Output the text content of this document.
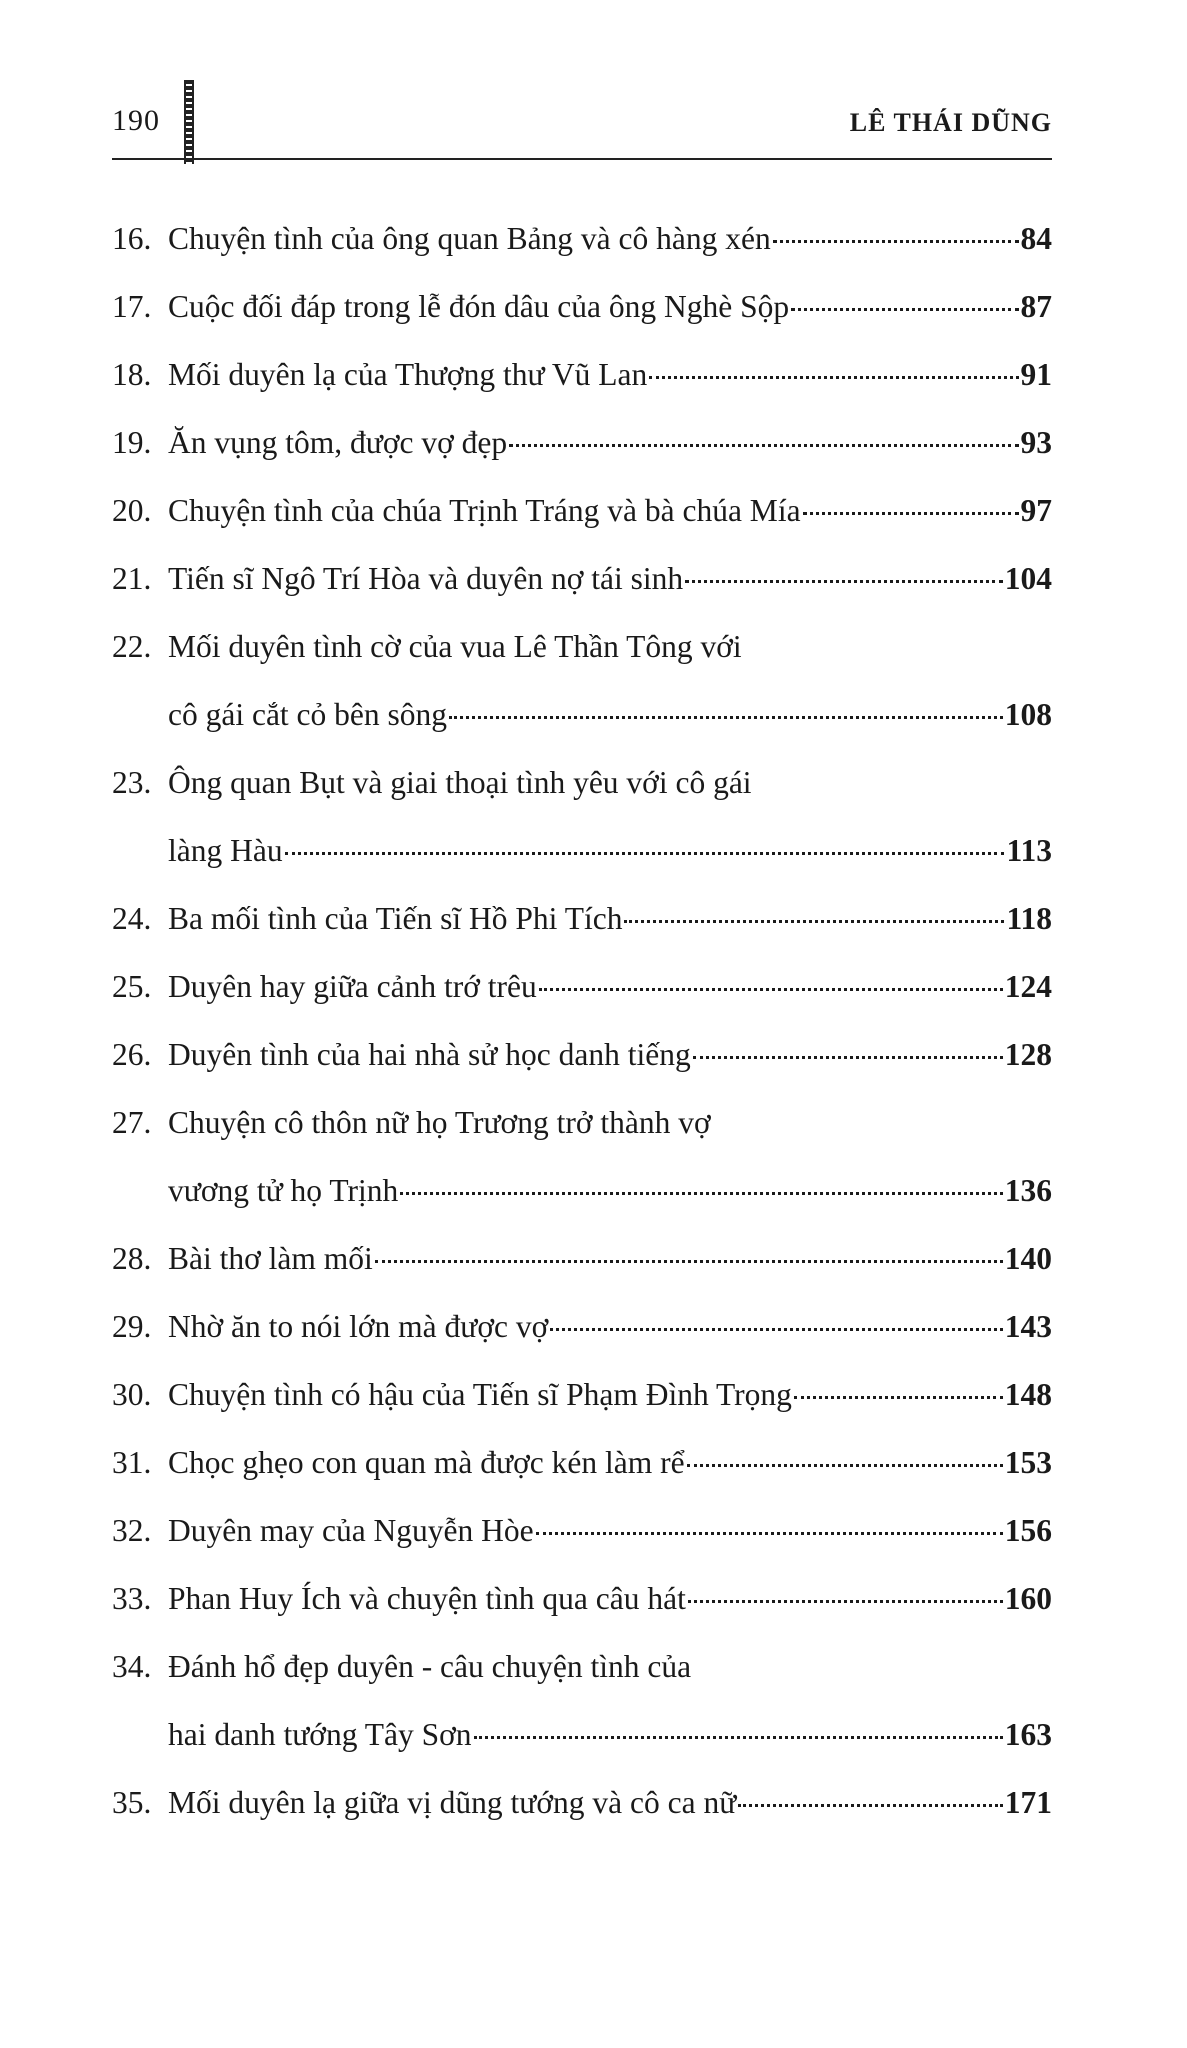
190	LÊ THÁI DŨNG
16. Chuyện tình của ông quan Bảng và cô hàng xén	84
17. Cuộc đối đáp trong lễ đón dâu của ông Nghè Sộp	87
18. Mối duyên lạ của Thượng thư Vũ Lan	91
19. Ăn vụng tôm, được vợ đẹp	93
20. Chuyện tình của chúa Trịnh Tráng và bà chúa Mía	97
21. Tiến sĩ Ngô Trí Hòa và duyên nợ tái sinh	104
22. Mối duyên tình cờ của vua Lê Thần Tông với
cô gái cắt cỏ bên sông	108
23. Ông quan Bụt và giai thoại tình yêu với cô gái
làng Hàu	113
24. Ba mối tình của Tiến sĩ Hồ Phi Tích	118
25. Duyên hay giữa cảnh trớ trêu	124
26. Duyên tình của hai nhà sử học danh tiếng	128
27. Chuyện cô thôn nữ họ Trương trở thành vợ
vương tử họ Trịnh	136
28. Bài thơ làm mối	140
29. Nhờ ăn to nói lớn mà được vợ	143
30. Chuyện tình có hậu của Tiến sĩ Phạm Đình Trọng	148
31. Chọc ghẹo con quan mà được kén làm rể	153
32. Duyên may của Nguyễn Hòe	156
33. Phan Huy Ích và chuyện tình qua câu hát	160
34. Đánh hổ đẹp duyên - câu chuyện tình của
hai danh tướng Tây Sơn	163
35. Mối duyên lạ giữa vị dũng tướng và cô ca nữ	171
